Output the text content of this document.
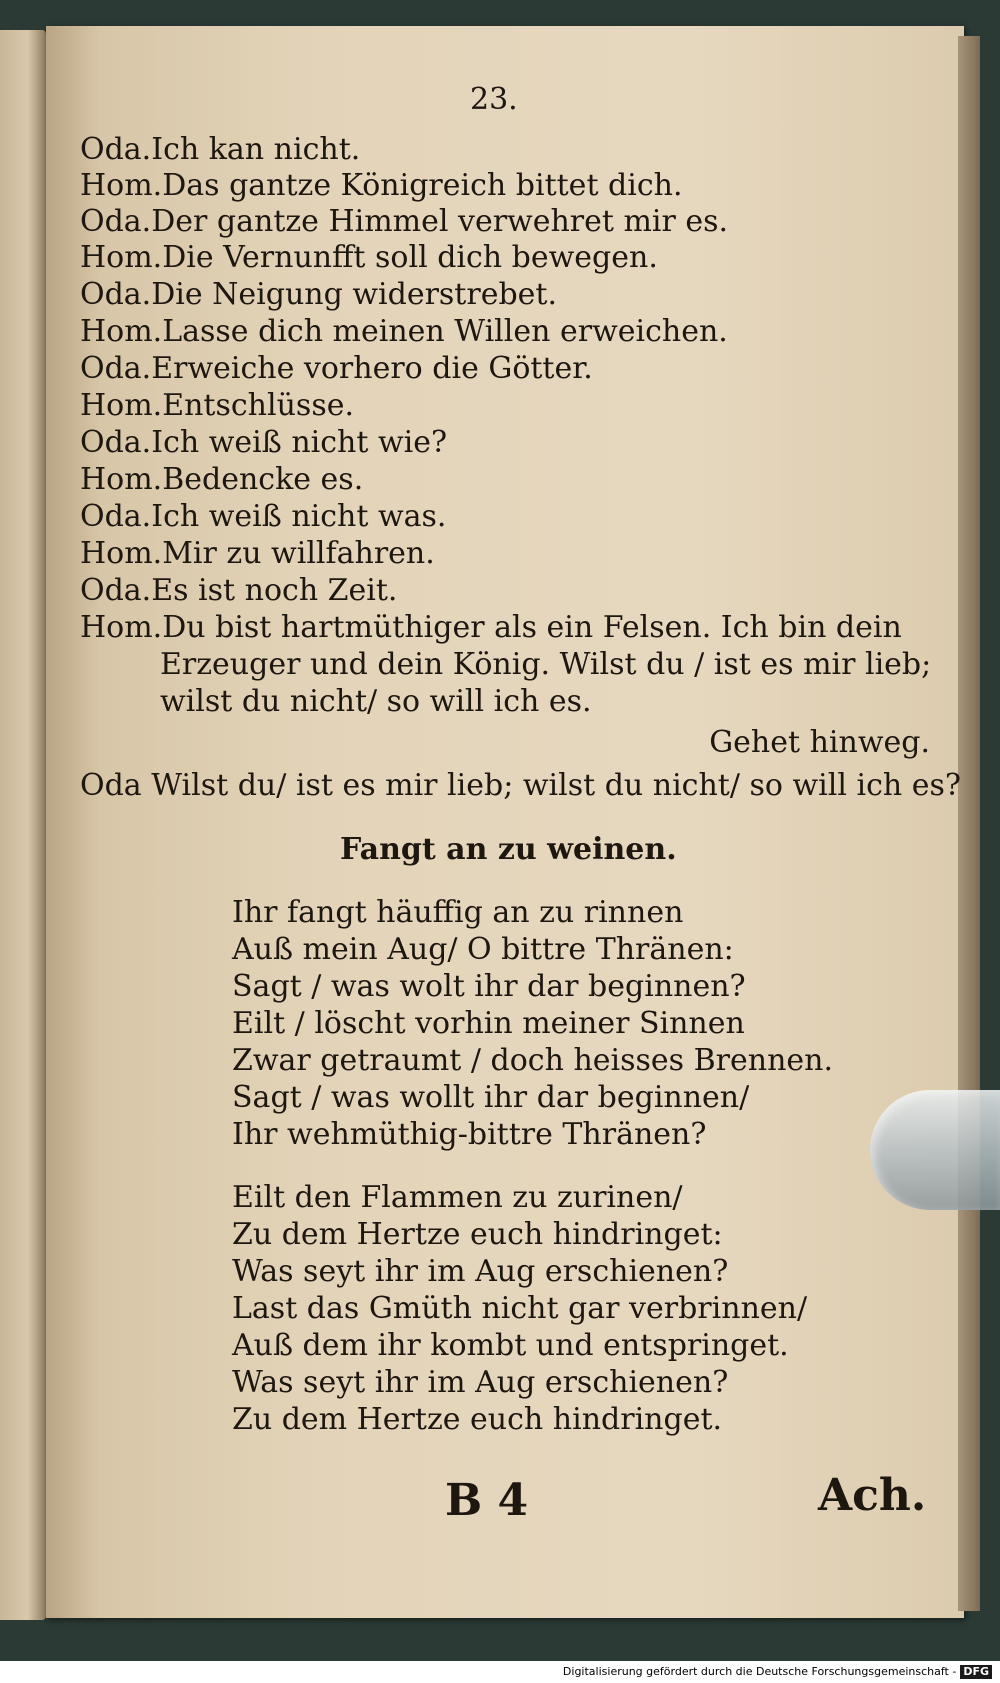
23.
Oda.Ich kan nicht.
Hom.Das gantze Königreich bittet dich.
Oda.Der gantze Himmel verwehret mir es.
Hom.Die Vernunfft soll dich bewegen.
Oda.Die Neigung widerstrebet.
Hom.Lasse dich meinen Willen erweichen.
Oda.Erweiche vorhero die Götter.
Hom.Entschlüsse.
Oda.Ich weiß nicht wie?
Hom.Bedencke es.
Oda.Ich weiß nicht was.
Hom.Mir zu willfahren.
Oda.Es ist noch Zeit.
Hom.Du bist hartmüthiger als ein Felsen. Ich bin dein
Erzeuger und dein König. Wilst du / ist es mir lieb;
wilst du nicht/ so will ich es.
Gehet hinweg.
Oda Wilst du/ ist es mir lieb; wilst du nicht/ so will ich es?
Fangt an zu weinen.
Ihr fangt häuffig an zu rinnen
Auß mein Aug/ O bittre Thränen:
Sagt / was wolt ihr dar beginnen?
Eilt / löscht vorhin meiner Sinnen
Zwar getraumt / doch heisses Brennen.
Sagt / was wollt ihr dar beginnen/
Ihr wehmüthig-bittre Thränen?
Eilt den Flammen zu zurinen/
Zu dem Hertze euch hindringet:
Was seyt ihr im Aug erschienen?
Last das Gmüth nicht gar verbrinnen/
Auß dem ihr kombt und entspringet.
Was seyt ihr im Aug erschienen?
Zu dem Hertze euch hindringet.
B 4	Ach.
Digitalisierung gefördert durch die Deutsche Forschungsgemeinschaft - DFG
